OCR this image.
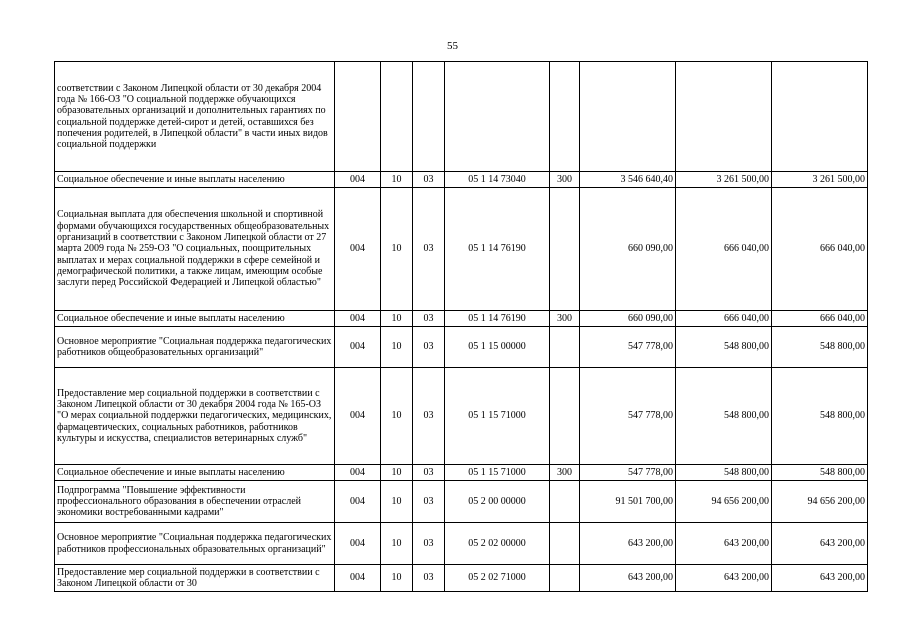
55
соответствии с Законом Липецкой области от 30 декабря 2004 года № 166-ОЗ "О социальной поддержке обучающихся образовательных организаций и дополнительных гарантиях по социальной поддержке детей-сирот и детей, оставшихся без попечения родителей, в Липецкой области" в части иных видов социальной поддержки								
Социальное обеспечение и иные выплаты населению	004	10	03	05 1 14 73040	300	3 546 640,40	3 261 500,00	3 261 500,00
Социальная выплата для обеспечения школьной и спортивной формами обучающихся государственных общеобразовательных организаций в соответствии с Законом Липецкой области от 27 марта 2009 года № 259-ОЗ "О социальных, поощрительных выплатах и мерах социальной поддержки в сфере семейной и демографической политики, а также лицам, имеющим особые заслуги перед Российской Федерацией и Липецкой областью"	004	10	03	05 1 14 76190		660 090,00	666 040,00	666 040,00
Социальное обеспечение и иные выплаты населению	004	10	03	05 1 14 76190	300	660 090,00	666 040,00	666 040,00
Основное мероприятие "Социальная поддержка педагогических работников общеобразовательных организаций"	004	10	03	05 1 15 00000		547 778,00	548 800,00	548 800,00
Предоставление мер социальной поддержки в соответствии с Законом Липецкой области от 30 декабря 2004 года № 165-ОЗ "О мерах социальной поддержки педагогических, медицинских, фармацевтических, социальных работников, работников культуры и искусства, специалистов ветеринарных служб"	004	10	03	05 1 15 71000		547 778,00	548 800,00	548 800,00
Социальное обеспечение и иные выплаты населению	004	10	03	05 1 15 71000	300	547 778,00	548 800,00	548 800,00
Подпрограмма "Повышение эффективности профессионального образования в обеспечении отраслей экономики востребованными кадрами"	004	10	03	05 2 00 00000		91 501 700,00	94 656 200,00	94 656 200,00
Основное мероприятие "Социальная поддержка педагогических работников профессиональных образовательных организаций"	004	10	03	05 2 02 00000		643 200,00	643 200,00	643 200,00
Предоставление мер социальной поддержки в соответствии с Законом Липецкой области от 30	004	10	03	05 2 02 71000		643 200,00	643 200,00	643 200,00
